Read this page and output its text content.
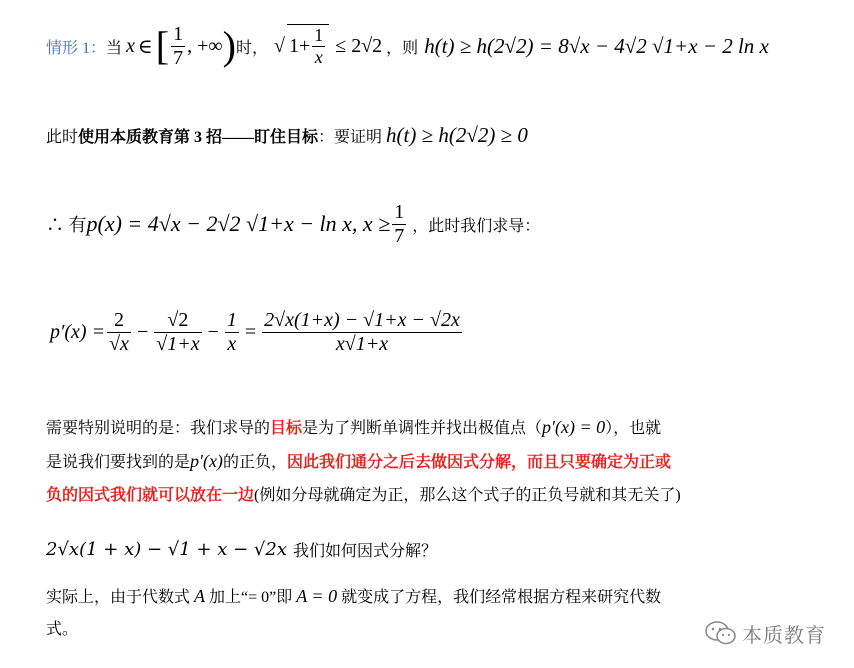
情形 1： 当 x ∈ [ $\frac{1}{7}$ , +∞ ) 时， √ $1+ \frac{1}{x} \le 2√2$ ，则 h(t) ≥ h(2√2) = 8√x − 4√2 √1+x − 2 ln x
此时 使用本质教育第 3 招——盯住目标 ：要证明 h(t) ≥ h(2√2) ≥ 0
∴ 有 p(x) = 4√x − 2√2 √1+x − ln x, $x \ge \frac{1}{7}$ ，此时我们求导：
$p'(x) = \frac{2}{√x} - \frac{√2}{√1+x} - \frac{1}{x} = \frac{2√x(1+x) - √1+x - √2x}{x√1+x}$
需要特别说明的是：我们求导的目标是为了判断单调性并找出极值点（p′(x) = 0），也就
是说我们要找到的是p′(x)的正负，因此我们通分之后去做因式分解，而且只要确定为正或
负的因式我们就可以放在一边(例如分母就确定为正，那么这个式子的正负号就和其无关了)
2√x(1 + x) − √1 + x − √2x 我们如何因式分解？
实际上，由于代数式 A 加上“= 0”即 A = 0 就变成了方程，我们经常根据方程来研究代数
式。	本质教育
